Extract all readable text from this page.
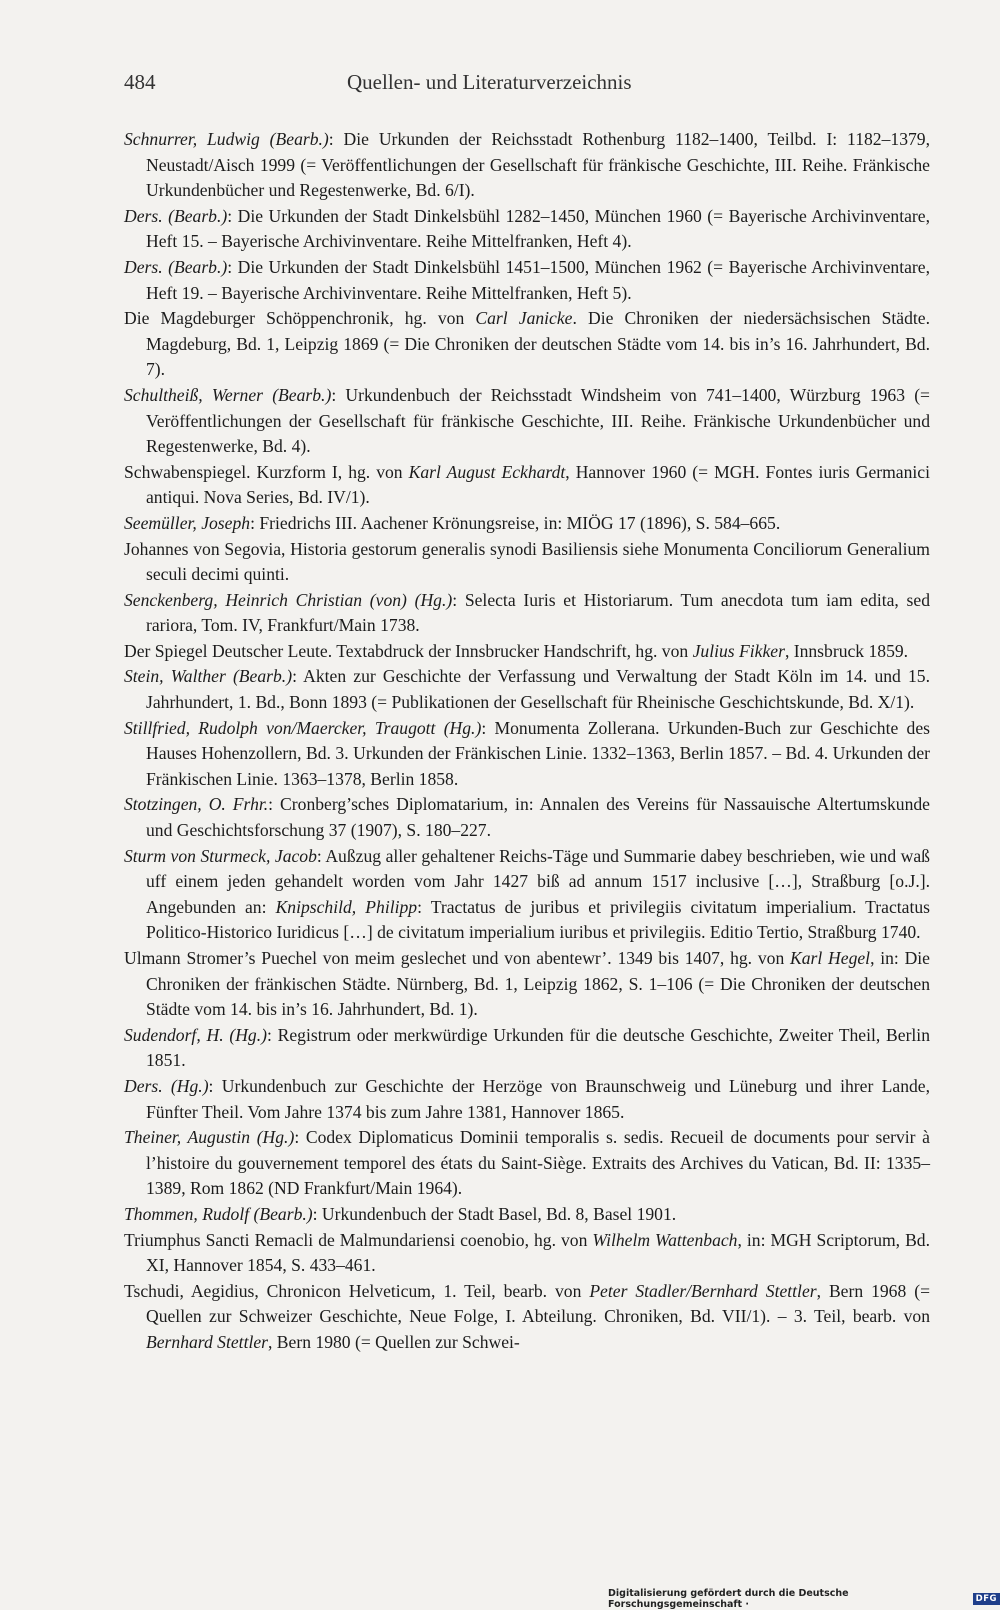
484	Quellen- und Literaturverzeichnis

Schnurrer, Ludwig (Bearb.): Die Urkunden der Reichsstadt Rothenburg 1182–1400, Teilbd. I: 1182–1379, Neustadt/Aisch 1999 (= Veröffentlichungen der Gesellschaft für fränkische Geschichte, III. Reihe. Fränkische Urkundenbücher und Regestenwerke, Bd. 6/I).

Ders. (Bearb.): Die Urkunden der Stadt Dinkelsbühl 1282–1450, München 1960 (= Bayerische Archivinventare, Heft 15. – Bayerische Archivinventare. Reihe Mittelfranken, Heft 4).

Ders. (Bearb.): Die Urkunden der Stadt Dinkelsbühl 1451–1500, München 1962 (= Bayerische Archivinventare, Heft 19. – Bayerische Archivinventare. Reihe Mittelfranken, Heft 5).

Die Magdeburger Schöppenchronik, hg. von Carl Janicke. Die Chroniken der niedersächsischen Städte. Magdeburg, Bd. 1, Leipzig 1869 (= Die Chroniken der deutschen Städte vom 14. bis in’s 16. Jahrhundert, Bd. 7).

Schultheiß, Werner (Bearb.): Urkundenbuch der Reichsstadt Windsheim von 741–1400, Würzburg 1963 (= Veröffentlichungen der Gesellschaft für fränkische Geschichte, III. Reihe. Fränkische Urkundenbücher und Regestenwerke, Bd. 4).

Schwabenspiegel. Kurzform I, hg. von Karl August Eckhardt, Hannover 1960 (= MGH. Fontes iuris Germanici antiqui. Nova Series, Bd. IV/1).

Seemüller, Joseph: Friedrichs III. Aachener Krönungsreise, in: MIÖG 17 (1896), S. 584–665.

Johannes von Segovia, Historia gestorum generalis synodi Basiliensis siehe Monumenta Conciliorum Generalium seculi decimi quinti.

Senckenberg, Heinrich Christian (von) (Hg.): Selecta Iuris et Historiarum. Tum anecdota tum iam edita, sed rariora, Tom. IV, Frankfurt/Main 1738.

Der Spiegel Deutscher Leute. Textabdruck der Innsbrucker Handschrift, hg. von Julius Fikker, Innsbruck 1859.

Stein, Walther (Bearb.): Akten zur Geschichte der Verfassung und Verwaltung der Stadt Köln im 14. und 15. Jahrhundert, 1. Bd., Bonn 1893 (= Publikationen der Gesellschaft für Rheinische Geschichtskunde, Bd. X/1).

Stillfried, Rudolph von/Maercker, Traugott (Hg.): Monumenta Zollerana. Urkunden-Buch zur Geschichte des Hauses Hohenzollern, Bd. 3. Urkunden der Fränkischen Linie. 1332–1363, Berlin 1857. – Bd. 4. Urkunden der Fränkischen Linie. 1363–1378, Berlin 1858.

Stotzingen, O. Frhr.: Cronberg’sches Diplomatarium, in: Annalen des Vereins für Nassauische Altertumskunde und Geschichtsforschung 37 (1907), S. 180–227.

Sturm von Sturmeck, Jacob: Außzug aller gehaltener Reichs-Täge und Summarie dabey beschrieben, wie und waß uff einem jeden gehandelt worden vom Jahr 1427 biß ad annum 1517 inclusive […], Straßburg [o.J.]. Angebunden an: Knipschild, Philipp: Tractatus de juribus et privilegiis civitatum imperialium. Tractatus Politico-Historico Iuridicus […] de civitatum imperialium iuribus et privilegiis. Editio Tertio, Straßburg 1740.

Ulmann Stromer’s Puechel von meim geslechet und von abentewr’. 1349 bis 1407, hg. von Karl Hegel, in: Die Chroniken der fränkischen Städte. Nürnberg, Bd. 1, Leipzig 1862, S. 1–106 (= Die Chroniken der deutschen Städte vom 14. bis in’s 16. Jahrhundert, Bd. 1).

Sudendorf, H. (Hg.): Registrum oder merkwürdige Urkunden für die deutsche Geschichte, Zweiter Theil, Berlin 1851.

Ders. (Hg.): Urkundenbuch zur Geschichte der Herzöge von Braunschweig und Lüneburg und ihrer Lande, Fünfter Theil. Vom Jahre 1374 bis zum Jahre 1381, Hannover 1865.

Theiner, Augustin (Hg.): Codex Diplomaticus Dominii temporalis s. sedis. Recueil de documents pour servir à l’histoire du gouvernement temporel des états du Saint-Siège. Extraits des Archives du Vatican, Bd. II: 1335–1389, Rom 1862 (ND Frankfurt/Main 1964).

Thommen, Rudolf (Bearb.): Urkundenbuch der Stadt Basel, Bd. 8, Basel 1901.

Triumphus Sancti Remacli de Malmundariensi coenobio, hg. von Wilhelm Wattenbach, in: MGH Scriptorum, Bd. XI, Hannover 1854, S. 433–461.

Tschudi, Aegidius, Chronicon Helveticum, 1. Teil, bearb. von Peter Stadler/Bernhard Stettler, Bern 1968 (= Quellen zur Schweizer Geschichte, Neue Folge, I. Abteilung. Chroniken, Bd. VII/1). – 3. Teil, bearb. von Bernhard Stettler, Bern 1980 (= Quellen zur Schwei-

Digitalisierung gefördert durch die Deutsche Forschungsgemeinschaft ·	DFG
